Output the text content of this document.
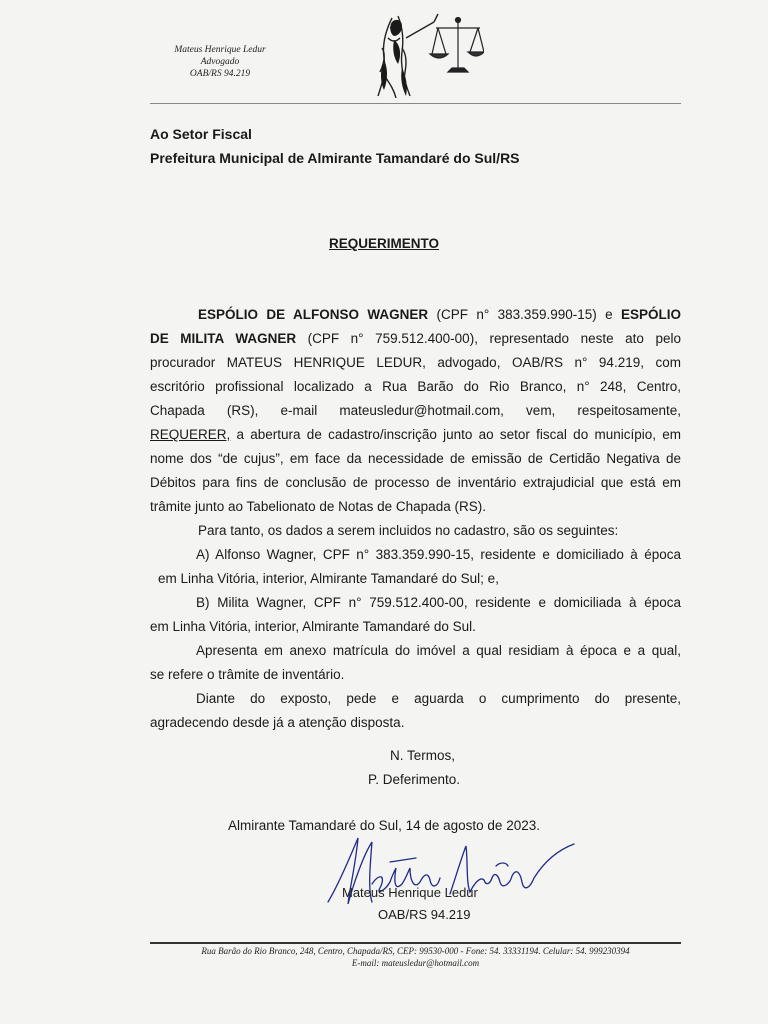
Mateus Henrique Ledur
Advogado
OAB/RS 94.219
Ao Setor Fiscal
Prefeitura Municipal de Almirante Tamandaré do Sul/RS
REQUERIMENTO

ESPÓLIO DE ALFONSO WAGNER (CPF n° 383.359.990-15) e ESPÓLIO

DE MILITA WAGNER (CPF n° 759.512.400-00), representado neste ato pelo

procurador MATEUS HENRIQUE LEDUR, advogado, OAB/RS n° 94.219, com

escritório profissional localizado a Rua Barão do Rio Branco, n° 248, Centro,

Chapada (RS), e-mail mateusledur@hotmail.com, vem, respeitosamente,

REQUERER, a abertura de cadastro/inscrição junto ao setor fiscal do município, em

nome dos “de cujus”, em face da necessidade de emissão de Certidão Negativa de

Débitos para fins de conclusão de processo de inventário extrajudicial que está em

trâmite junto ao Tabelionato de Notas de Chapada (RS).

Para tanto, os dados a serem incluidos no cadastro, são os seguintes:

A) Alfonso Wagner, CPF n° 383.359.990-15, residente e domiciliado à época

em Linha Vitória, interior, Almirante Tamandaré do Sul; e,

B) Milita Wagner, CPF n° 759.512.400-00, residente e domiciliada à época

em Linha Vitória, interior, Almirante Tamandaré do Sul.

Apresenta em anexo matrícula do imóvel a qual residiam à época e a qual,

se refere o trâmite de inventário.

Diante do exposto, pede e aguarda o cumprimento do presente,

agradecendo desde já a atenção disposta.

N. Termos,
P. Deferimento.
Almirante Tamandaré do Sul, 14 de agosto de 2023.
Mateus Henrique Ledur
OAB/RS 94.219
Rua Barão do Rio Branco, 248, Centro, Chapada/RS, CEP: 99530-000 - Fone: 54. 33331194. Celular: 54. 999230394
E-mail: mateusledur@hotmail.com
